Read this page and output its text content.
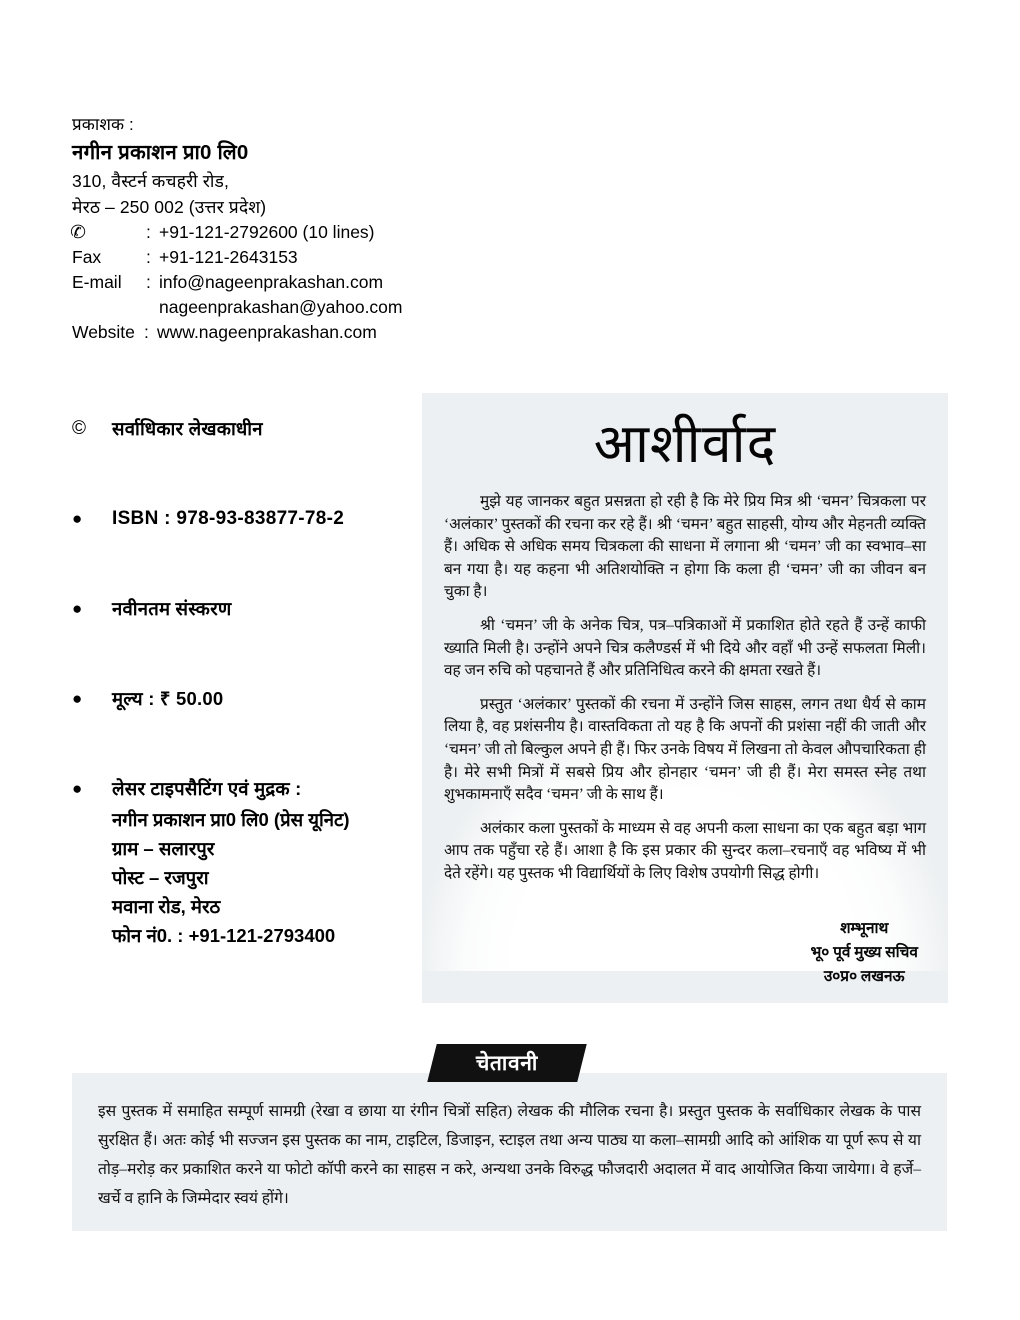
प्रकाशक :
नगीन प्रकाशन प्रा0 लि0
310, वैस्टर्न कचहरी रोड,
मेरठ – 250 002 (उत्तर प्रदेश)
✆	: +91-121-2792600 (10 lines)
Fax	: +91-121-2643153
E-mail	: info@nageenprakashan.com
nageenprakashan@yahoo.com
Website : www.nageenprakashan.com
©	सर्वाधिकार लेखकाधीन
●	ISBN : 978-93-83877-78-2
●	नवीनतम संस्करण
●	मूल्य : ₹ 50.00
●	लेसर टाइपसैटिंग एवं मुद्रक :
नगीन प्रकाशन प्रा0 लि0 (प्रेस यूनिट)
ग्राम – सलारपुर
पोस्ट – रजपुरा
मवाना रोड, मेरठ
फोन नं0. : +91-121-2793400
आशीर्वाद

मुझे यह जानकर बहुत प्रसन्नता हो रही है कि मेरे प्रिय मित्र श्री ‘चमन’ चित्रकला पर ‘अलंकार’ पुस्तकों की रचना कर रहे हैं। श्री ‘चमन’ बहुत साहसी, योग्य और मेहनती व्यक्ति हैं। अधिक से अधिक समय चित्रकला की साधना में लगाना श्री ‘चमन’ जी का स्वभाव–सा बन गया है। यह कहना भी अतिशयोक्ति न होगा कि कला ही ‘चमन’ जी का जीवन बन चुका है।

श्री ‘चमन’ जी के अनेक चित्र, पत्र–पत्रिकाओं में प्रकाशित होते रहते हैं उन्हें काफी ख्याति मिली है। उन्होंने अपने चित्र कलैण्डर्स में भी दिये और वहाँ भी उन्हें सफलता मिली। वह जन रुचि को पहचानते हैं और प्रतिनिधित्व करने की क्षमता रखते हैं।

प्रस्तुत ‘अलंकार’ पुस्तकों की रचना में उन्होंने जिस साहस, लगन तथा धैर्य से काम लिया है, वह प्रशंसनीय है। वास्तविकता तो यह है कि अपनों की प्रशंसा नहीं की जाती और ‘चमन’ जी तो बिल्कुल अपने ही हैं। फिर उनके विषय में लिखना तो केवल औपचारिकता ही है। मेरे सभी मित्रों में सबसे प्रिय और होनहार ‘चमन’ जी ही हैं। मेरा समस्त स्नेह तथा शुभकामनाएँ सदैव ‘चमन’ जी के साथ हैं।

अलंकार कला पुस्तकों के माध्यम से वह अपनी कला साधना का एक बहुत बड़ा भाग आप तक पहुँचा रहे हैं। आशा है कि इस प्रकार की सुन्दर कला–रचनाएँ वह भविष्य में भी देते रहेंगे। यह पुस्तक भी विद्यार्थियों के लिए विशेष उपयोगी सिद्ध होगी।

शम्भूनाथ
भू० पूर्व मुख्य सचिव
उ०प्र० लखनऊ
चेतावनी

इस पुस्तक में समाहित सम्पूर्ण सामग्री (रेखा व छाया या रंगीन चित्रों सहित) लेखक की मौलिक रचना है। प्रस्तुत पुस्तक के सर्वाधिकार लेखक के पास सुरक्षित हैं। अतः कोई भी सज्जन इस पुस्तक का नाम, टाइटिल, डिजाइन, स्टाइल तथा अन्य पाठ्य या कला–सामग्री आदि को आंशिक या पूर्ण रूप से या तोड़–मरोड़ कर प्रकाशित करने या फोटो कॉपी करने का साहस न करे, अन्यथा उनके विरुद्ध फौजदारी अदालत में वाद आयोजित किया जायेगा। वे हर्जे–खर्चे व हानि के जिम्मेदार स्वयं होंगे।
